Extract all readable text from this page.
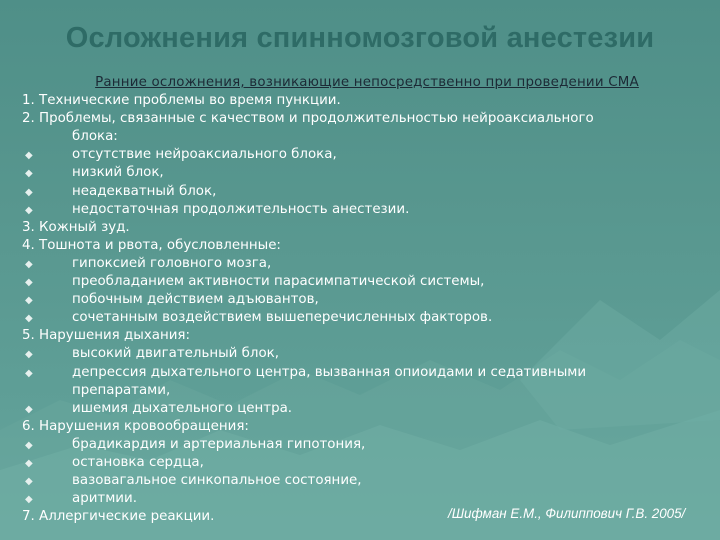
Осложнения спинномозговой анестезии
Ранние осложнения, возникающие непосредственно при проведении СМА
1. Технические проблемы во время пункции.
2. Проблемы, связанные с качеством и продолжительностью нейроаксиального
блока:
◆	отсутствие нейроаксиального блока,
◆	низкий блок,
◆	неадекватный блок,
◆	недостаточная продолжительность анестезии.
3. Кожный зуд.
4. Тошнота и рвота, обусловленные:
◆	гипоксией головного мозга,
◆	преобладанием активности парасимпатической системы,
◆	побочным действием адъювантов,
◆	сочетанным воздействием вышеперечисленных факторов.
5. Нарушения дыхания:
◆	высокий двигательный блок,
◆	депрессия дыхательного центра, вызванная опиоидами и седативными
препаратами,
◆	ишемия дыхательного центра.
6. Нарушения кровообращения:
◆	брадикардия и артериальная гипотония,
◆	остановка сердца,
◆	вазовагальное синкопальное состояние,
◆	аритмии.
7. Аллергические реакции.	/Шифман Е.М., Филиппович Г.В. 2005/
